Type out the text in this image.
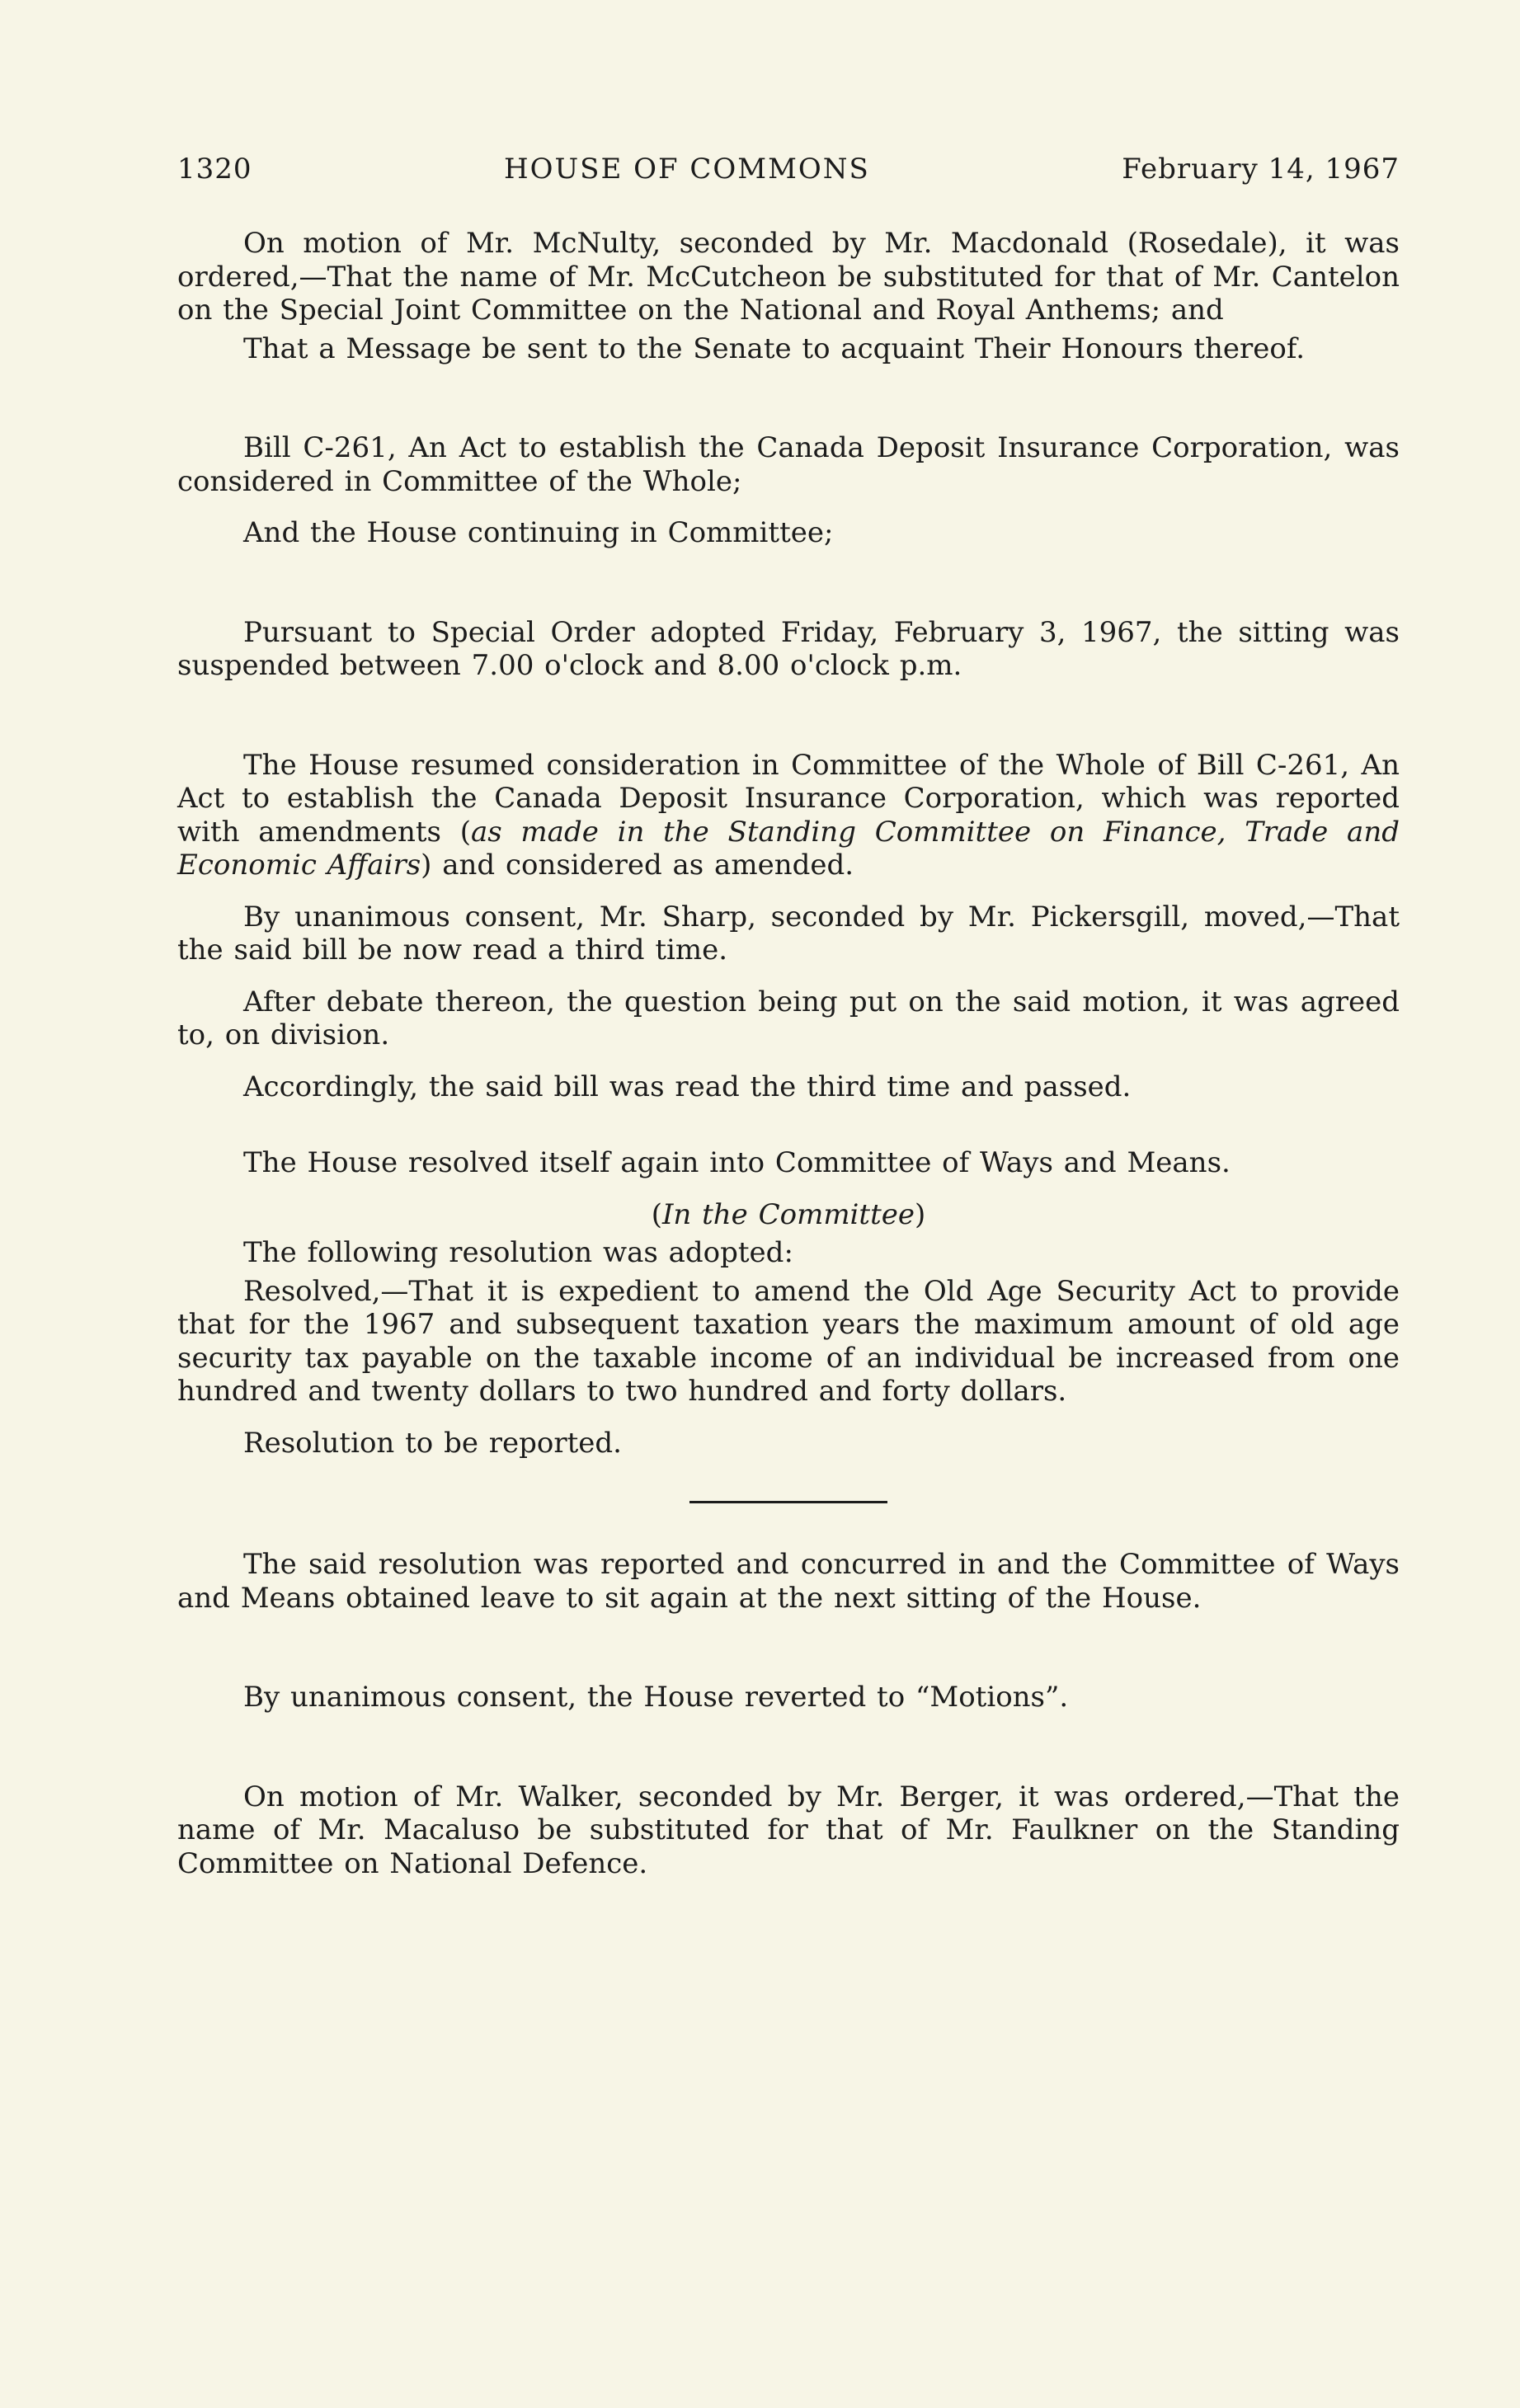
1320	HOUSE OF COMMONS	February 14, 1967

On motion of Mr. McNulty, seconded by Mr. Macdonald (Rosedale), it was ordered,—That the name of Mr. McCutcheon be substituted for that of Mr. Cantelon on the Special Joint Committee on the National and Royal Anthems; and

That a Message be sent to the Senate to acquaint Their Honours thereof.

Bill C-261, An Act to establish the Canada Deposit Insurance Corporation, was considered in Committee of the Whole;

And the House continuing in Committee;

Pursuant to Special Order adopted Friday, February 3, 1967, the sitting was suspended between 7.00 o'clock and 8.00 o'clock p.m.

The House resumed consideration in Committee of the Whole of Bill C-261, An Act to establish the Canada Deposit Insurance Corporation, which was reported with amendments (as made in the Standing Committee on Finance, Trade and Economic Affairs) and considered as amended.

By unanimous consent, Mr. Sharp, seconded by Mr. Pickersgill, moved,—That the said bill be now read a third time.

After debate thereon, the question being put on the said motion, it was agreed to, on division.

Accordingly, the said bill was read the third time and passed.

The House resolved itself again into Committee of Ways and Means.

(In the Committee)

The following resolution was adopted:

Resolved,—That it is expedient to amend the Old Age Security Act to provide that for the 1967 and subsequent taxation years the maximum amount of old age security tax payable on the taxable income of an individual be increased from one hundred and twenty dollars to two hundred and forty dollars.

Resolution to be reported.

The said resolution was reported and concurred in and the Committee of Ways and Means obtained leave to sit again at the next sitting of the House.

By unanimous consent, the House reverted to “Motions”.

On motion of Mr. Walker, seconded by Mr. Berger, it was ordered,—That the name of Mr. Macaluso be substituted for that of Mr. Faulkner on the Standing Committee on National Defence.
